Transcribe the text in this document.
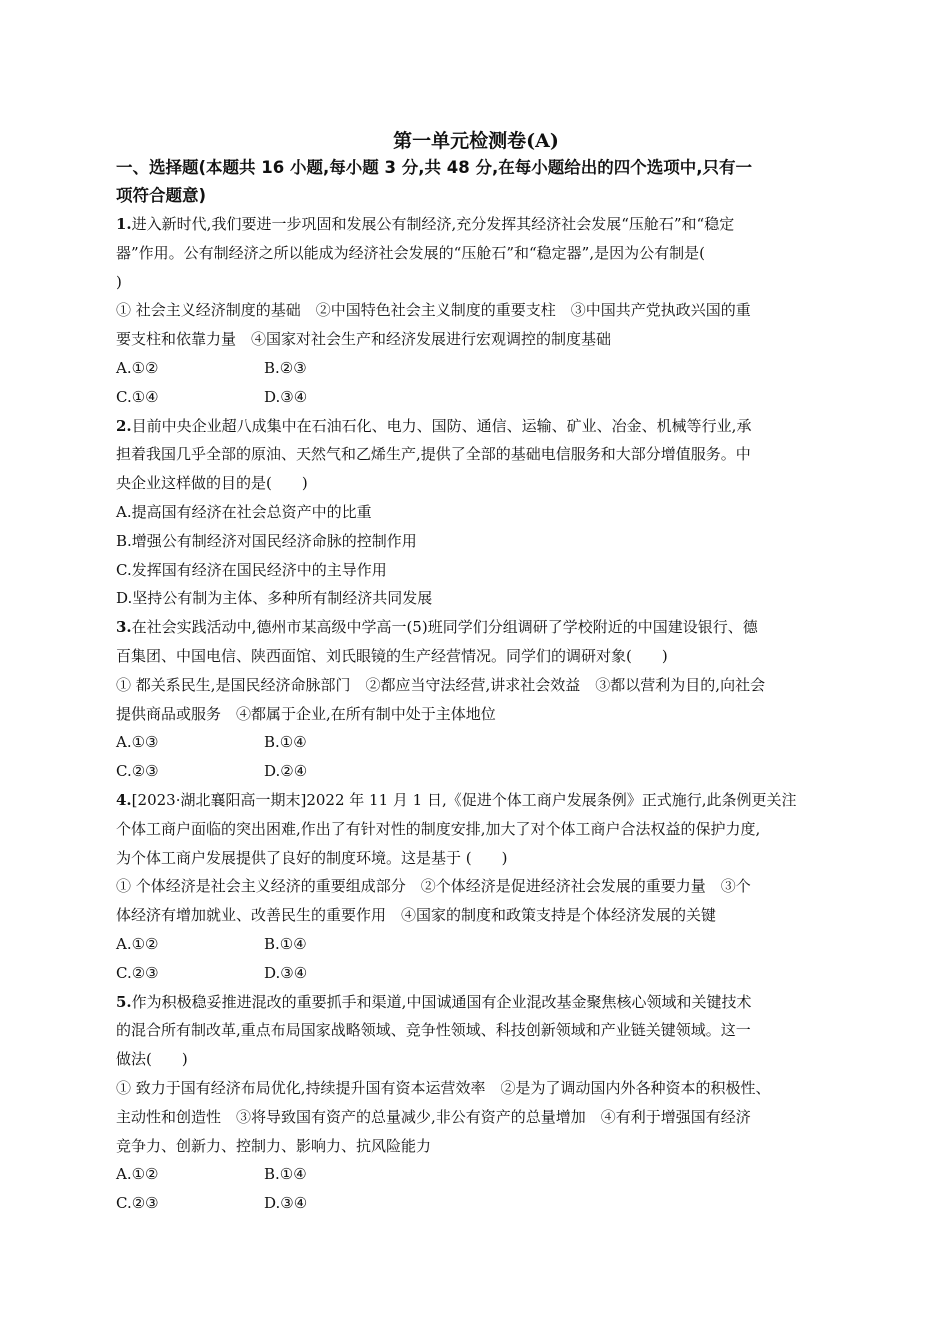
第一单元检测卷(A)

一、选择题(本题共 16 小题,每小题 3 分,共 48 分,在每小题给出的四个选项中,只有一

项符合题意)

1.进入新时代,我们要进一步巩固和发展公有制经济,充分发挥其经济社会发展“压舱石”和“稳定

器”作用。公有制经济之所以能成为经济社会发展的“压舱石”和“稳定器”,是因为公有制是(

)

① 社会主义经济制度的基础　②中国特色社会主义制度的重要支柱　③中国共产党执政兴国的重

要支柱和依靠力量　④国家对社会生产和经济发展进行宏观调控的制度基础

A.①②	B.②③
C.①④	D.③④

2.目前中央企业超八成集中在石油石化、电力、国防、通信、运输、矿业、冶金、机械等行业,承

担着我国几乎全部的原油、天然气和乙烯生产,提供了全部的基础电信服务和大部分增值服务。中

央企业这样做的目的是(　　)

A.提高国有经济在社会总资产中的比重

B.增强公有制经济对国民经济命脉的控制作用

C.发挥国有经济在国民经济中的主导作用

D.坚持公有制为主体、多种所有制经济共同发展

3.在社会实践活动中,德州市某高级中学高一(5)班同学们分组调研了学校附近的中国建设银行、德

百集团、中国电信、陕西面馆、刘氏眼镜的生产经营情况。同学们的调研对象(　　)

① 都关系民生,是国民经济命脉部门　②都应当守法经营,讲求社会效益　③都以营利为目的,向社会

提供商品或服务　④都属于企业,在所有制中处于主体地位

A.①③	B.①④
C.②③	D.②④

4.[2023·湖北襄阳高一期末]2022 年 11 月 1 日,《促进个体工商户发展条例》正式施行,此条例更关注

个体工商户面临的突出困难,作出了有针对性的制度安排,加大了对个体工商户合法权益的保护力度,

为个体工商户发展提供了良好的制度环境。这是基于 (　　)

① 个体经济是社会主义经济的重要组成部分　②个体经济是促进经济社会发展的重要力量　③个

体经济有增加就业、改善民生的重要作用　④国家的制度和政策支持是个体经济发展的关键

A.①②	B.①④
C.②③	D.③④

5.作为积极稳妥推进混改的重要抓手和渠道,中国诚通国有企业混改基金聚焦核心领域和关键技术

的混合所有制改革,重点布局国家战略领域、竞争性领域、科技创新领域和产业链关键领域。这一

做法(　　)

① 致力于国有经济布局优化,持续提升国有资本运营效率　②是为了调动国内外各种资本的积极性、

主动性和创造性　③将导致国有资产的总量减少,非公有资产的总量增加　④有利于增强国有经济

竞争力、创新力、控制力、影响力、抗风险能力

A.①②	B.①④
C.②③	D.③④
